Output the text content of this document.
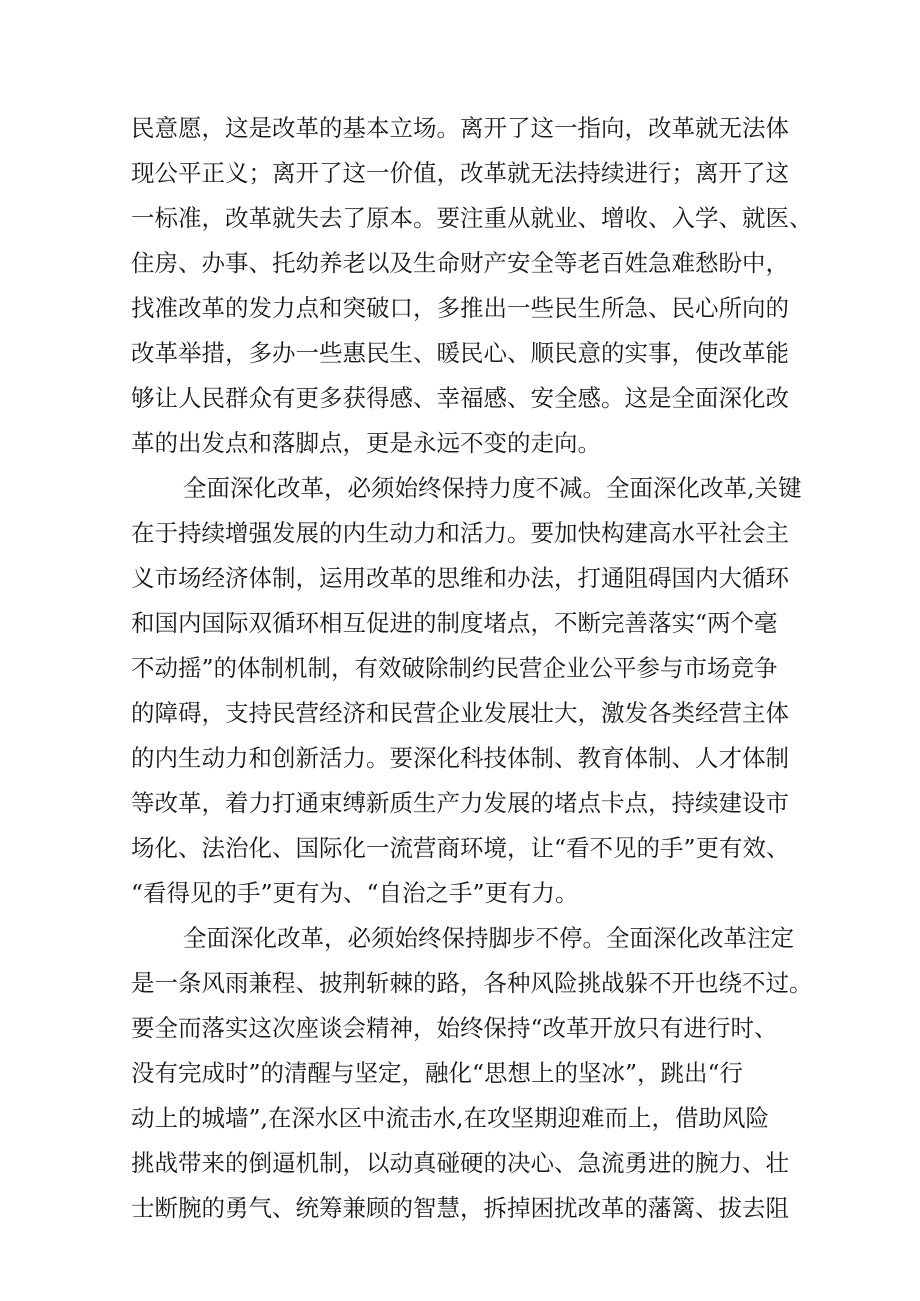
民意愿，这是改革的基本立场。离开了这一指向，改革就无法体
现公平正义；离开了这一价值，改革就无法持续进行；离开了这
一标准，改革就失去了原本。要注重从就业、增收、入学、就医、
住房、办事、托幼养老以及生命财产安全等老百姓急难愁盼中，
找准改革的发力点和突破口，多推出一些民生所急、民心所向的
改革举措，多办一些惠民生、暖民心、顺民意的实事，使改革能
够让人民群众有更多获得感、幸福感、安全感。这是全面深化改
革的出发点和落脚点，更是永远不变的走向。
全面深化改革，必须始终保持力度不减。全面深化改革,关键
在于持续增强发展的内生动力和活力。要加快构建高水平社会主
义市场经济体制，运用改革的思维和办法，打通阻碍国内大循环
和国内国际双循环相互促进的制度堵点，不断完善落实“两个毫
不动摇”的体制机制，有效破除制约民营企业公平参与市场竞争
的障碍，支持民营经济和民营企业发展壮大，激发各类经营主体
的内生动力和创新活力。要深化科技体制、教育体制、人才体制
等改革，着力打通束缚新质生产力发展的堵点卡点，持续建设市
场化、法治化、国际化一流营商环境，让“看不见的手”更有效、
“看得见的手”更有为、“自治之手”更有力。
全面深化改革，必须始终保持脚步不停。全面深化改革注定
是一条风雨兼程、披荆斩棘的路，各种风险挑战躲不开也绕不过。
要全而落实这次座谈会精神，始终保持“改革开放只有进行时、
没有完成时”的清醒与坚定，融化“思想上的坚冰”，跳出“行
动上的城墙”,在深水区中流击水,在攻坚期迎难而上，借助风险
挑战带来的倒逼机制，以动真碰硬的决心、急流勇进的腕力、壮
士断腕的勇气、统筹兼顾的智慧，拆掉困扰改革的藩篱、拔去阻
